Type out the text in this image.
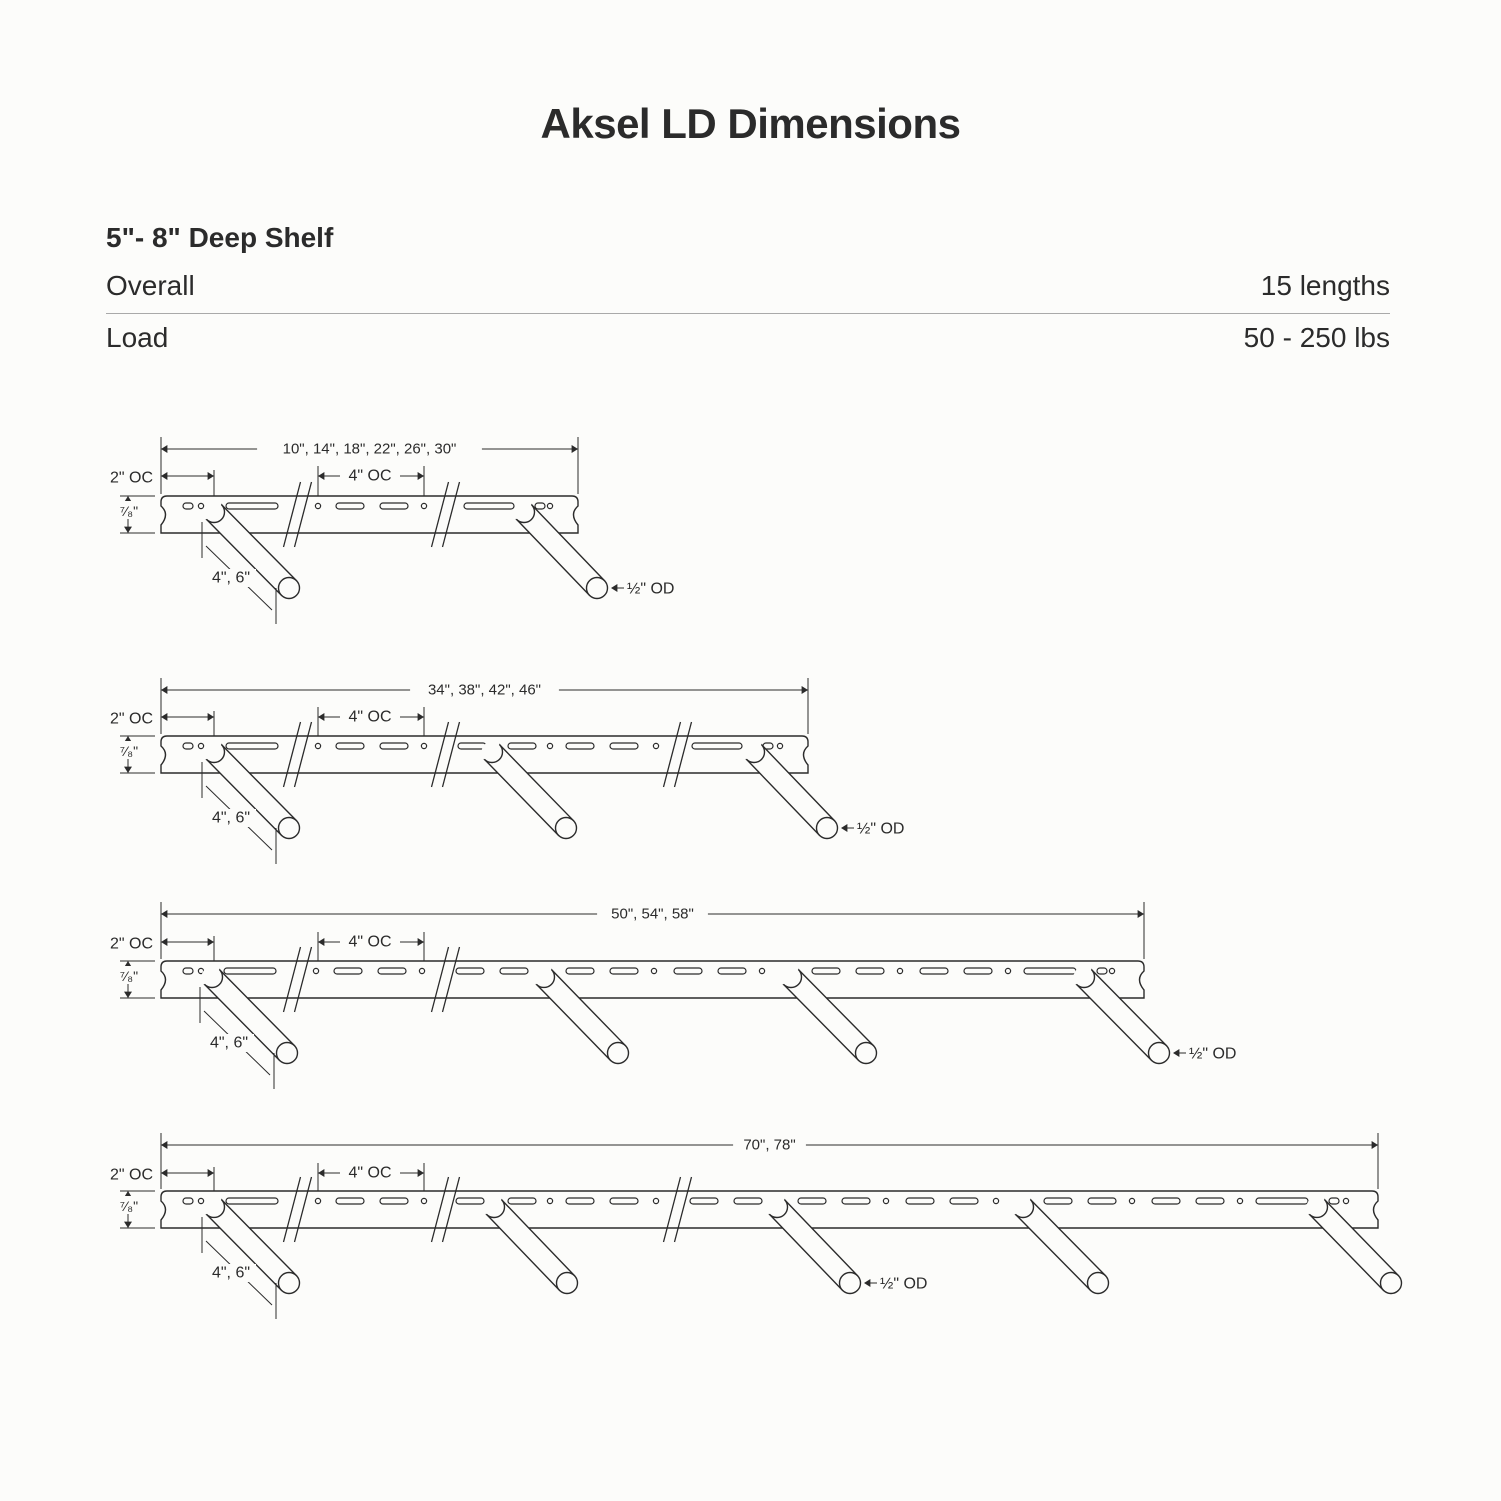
Aksel LD Dimensions
5"- 8" Deep Shelf
Overall	15 lengths
Load	50 - 250 lbs
10", 14", 18", 22", 26", 30"
2" OC	4" OC
⁷⁄₈"
4", 6"
½" OD
34", 38", 42", 46"
2" OC	4" OC
⁷⁄₈"
4", 6"
½" OD
50", 54", 58"
2" OC	4" OC
⁷⁄₈"
4", 6"
½" OD
70", 78"
2" OC	4" OC
⁷⁄₈"
4", 6"
½" OD
